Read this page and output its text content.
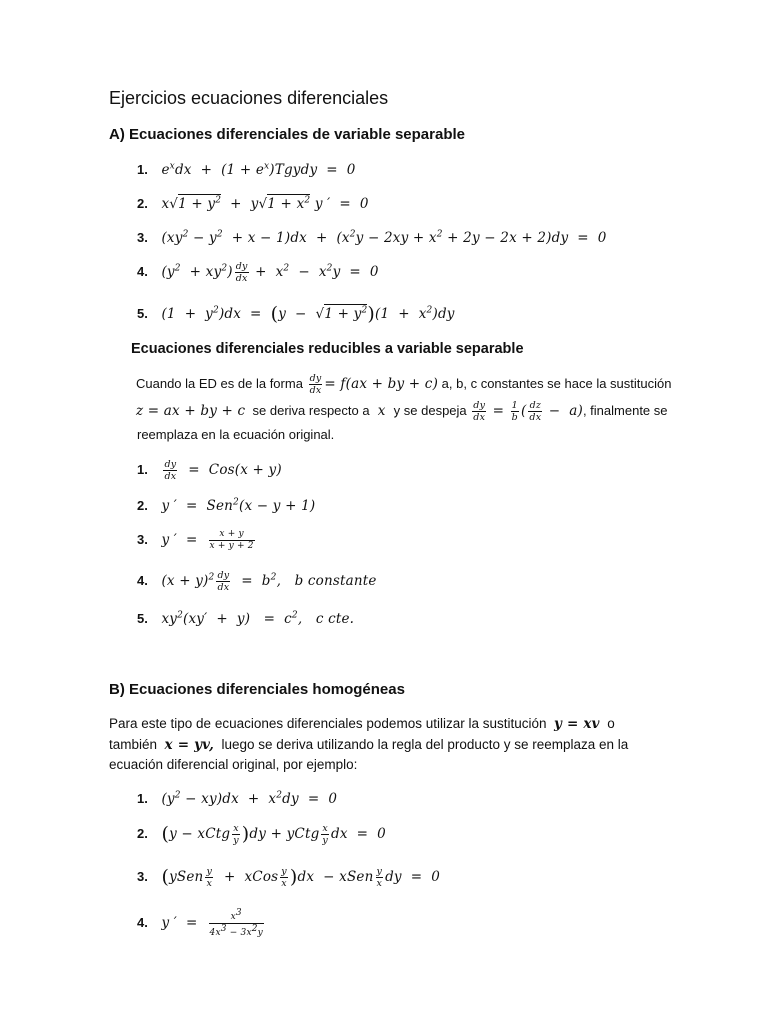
Ejercicios ecuaciones diferenciales
A) Ecuaciones diferenciales de variable separable
1. $e^xdx + (1$ + $e^x)Tgydy = 0$
2. $x√1 + y^2 + y√1 + x^2$ y ′  =  0
3. $(xy^2 - y^2 + x - 1)dx + (x^2y - 2xy + x^2 + 2y - 2x + 2)dy = 0$
4. $(y^2 + xy^2) \frac{dy}{dx} + x^2 - x^2y = 0$
5. $(1 + y^2)dx = (y - √1 + y^2)(1 + x^2)dy$
Ecuaciones diferenciales reducibles a variable separable
Cuando la ED es de la forma $\frac{dy}{dx} = f(ax$ + by + c) a, b, c constantes se hace la sustitución
z = ax + by + c se deriva respecto a  x  y se despeja $\frac{dy}{dx} = \frac{1}{b}$ ( $\frac{dz}{dx} - a$), finalmente se
reemplaza en la ecuación original.
1. $\frac{dy}{dx} = Cos(x + y)$
2. y ′  =  Sen$^2$(x − y + 1)
3. y ′  = $\frac{x + y}{x + y + 2}$
4. $(x + y)^2 \frac{dy}{dx} = b^2$,   b constante
5. $xy^2(xy' + y) = c^2$,   c cte.
B) Ecuaciones diferenciales homogéneas
Para este tipo de ecuaciones diferenciales podemos utilizar la sustitución y = xv o
también x = yv, luego se deriva utilizando la regla del producto y se reemplaza en la
ecuación diferencial original, por ejemplo:
1. $(y^2 - xy)dx + x^2dy = 0$
2. (y − xCtg $\frac{x}{y} )dy$ + yCtg $\frac{x}{y}$ dx  =  0
3. (ySen $\frac{y}{x}$ +  xCos $\frac{y}{x} )dx$  − xSen $\frac{y}{x}$ dy  =  0
4. y ′  = $\frac{x^3}{4x^3 - 3x^2y}$
